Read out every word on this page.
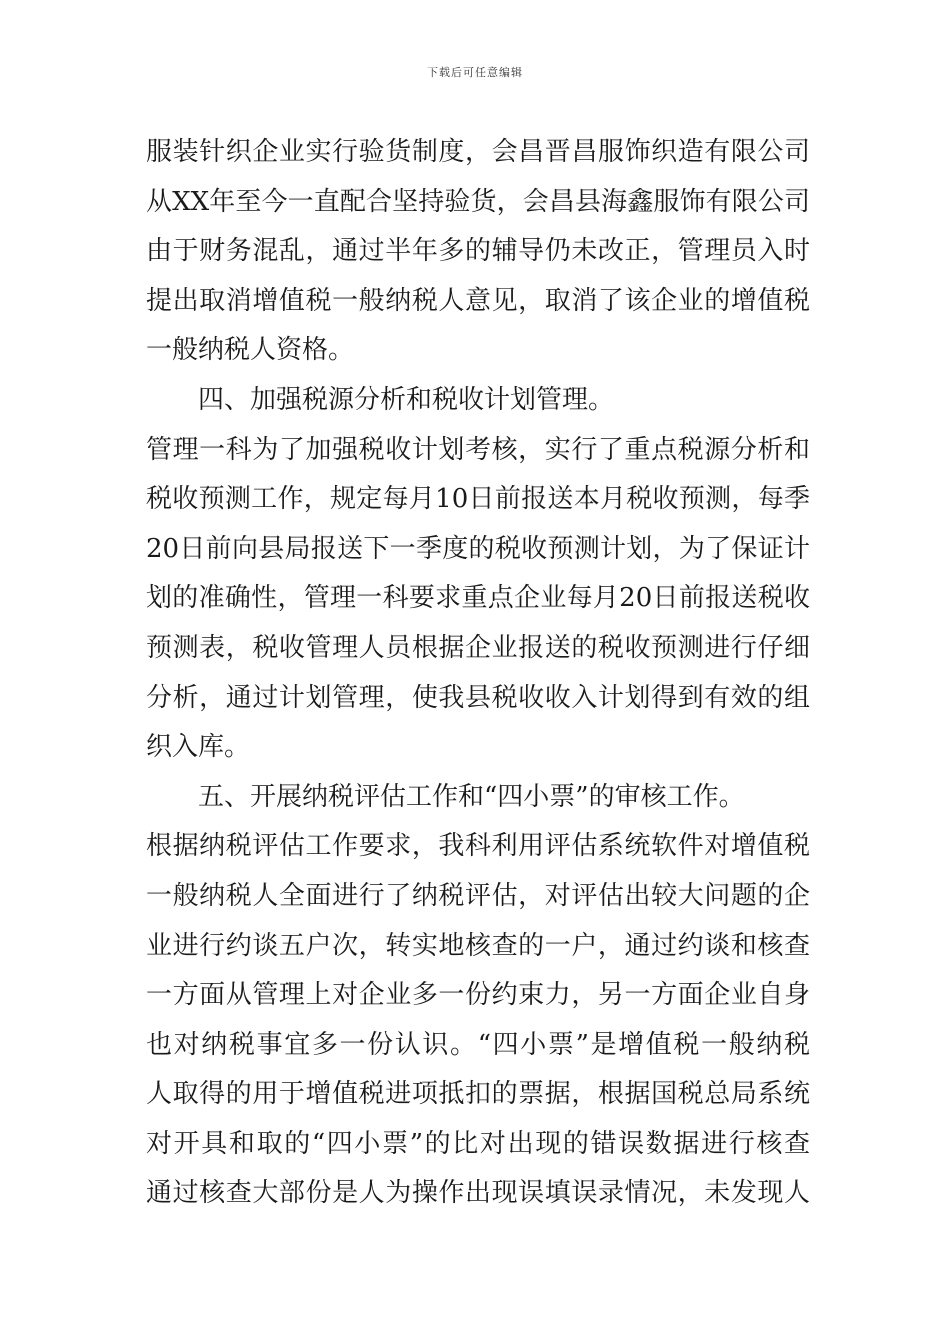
下载后可任意编辑
服装针织企业实行验货制度，会昌晋昌服饰织造有限公司
从XX年至今一直配合坚持验货，会昌县海鑫服饰有限公司
由于财务混乱，通过半年多的辅导仍未改正，管理员入时
提出取消增值税一般纳税人意见，取消了该企业的增值税
一般纳税人资格。
四、加强税源分析和税收计划管理。
管理一科为了加强税收计划考核，实行了重点税源分析和
税收预测工作，规定每月10日前报送本月税收预测，每季
20日前向县局报送下一季度的税收预测计划，为了保证计
划的准确性，管理一科要求重点企业每月20日前报送税收
预测表，税收管理人员根据企业报送的税收预测进行仔细
分析，通过计划管理，使我县税收收入计划得到有效的组
织入库。
五、开展纳税评估工作和“四小票”的审核工作。
根据纳税评估工作要求，我科利用评估系统软件对增值税
一般纳税人全面进行了纳税评估，对评估出较大问题的企
业进行约谈五户次，转实地核查的一户，通过约谈和核查
一方面从管理上对企业多一份约束力，另一方面企业自身
也对纳税事宜多一份认识。“四小票”是增值税一般纳税
人取得的用于增值税进项抵扣的票据，根据国税总局系统
对开具和取的“四小票”的比对出现的错误数据进行核查
通过核查大部份是人为操作出现误填误录情况，未发现人
